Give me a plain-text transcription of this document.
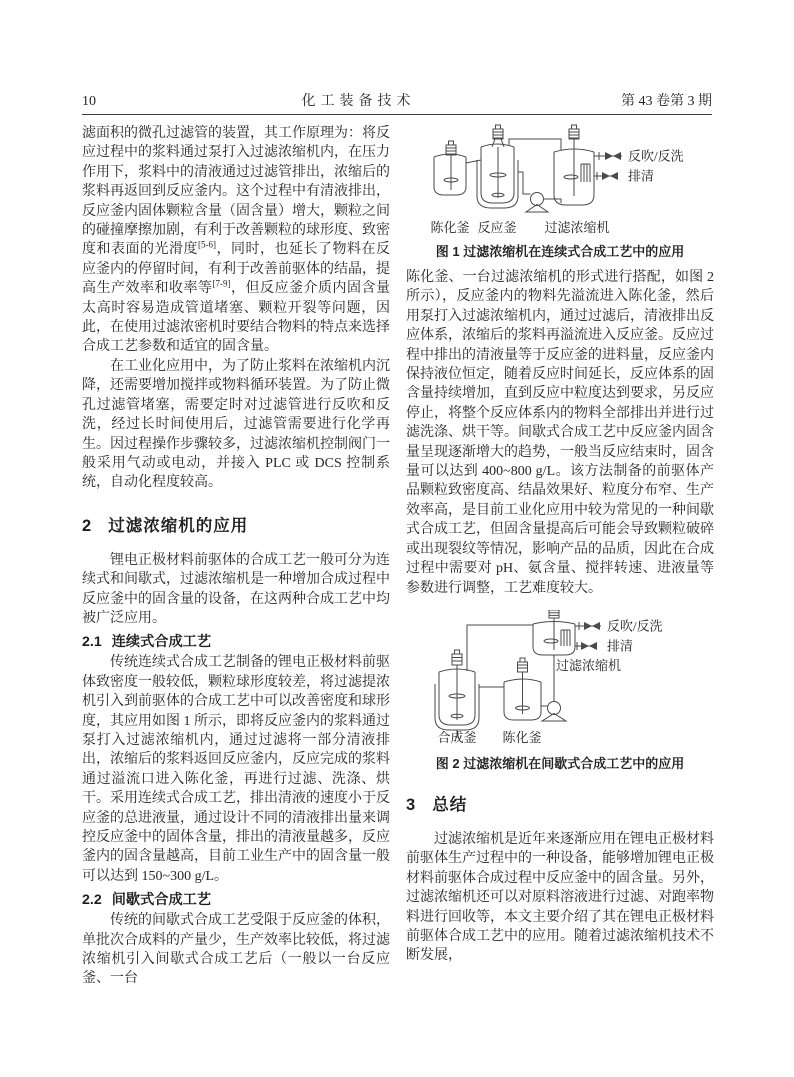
10	化工装备技术	第 43 卷第 3 期

滤面积的微孔过滤管的装置，其工作原理为：将反应过程中的浆料通过泵打入过滤浓缩机内，在压力作用下，浆料中的清液通过过滤管排出，浓缩后的浆料再返回到反应釜内。这个过程中有清液排出，反应釜内固体颗粒含量（固含量）增大，颗粒之间的碰撞摩擦加剧，有利于改善颗粒的球形度、致密度和表面的光滑度[5-6]，同时，也延长了物料在反应釜内的停留时间，有利于改善前驱体的结晶，提高生产效率和收率等[7-9]，但反应釜介质内固含量太高时容易造成管道堵塞、颗粒开裂等问题，因此，在使用过滤浓密机时要结合物料的特点来选择合成工艺参数和适宜的固含量。

在工业化应用中，为了防止浆料在浓缩机内沉降，还需要增加搅拌或物料循环装置。为了防止微孔过滤管堵塞，需要定时对过滤管进行反吹和反洗，经过长时间使用后，过滤管需要进行化学再生。因过程操作步骤较多，过滤浓缩机控制阀门一般采用气动或电动，并接入 PLC 或 DCS 控制系统，自动化程度较高。

2 过滤浓缩机的应用

锂电正极材料前驱体的合成工艺一般可分为连续式和间歇式，过滤浓缩机是一种增加合成过程中反应釜中的固含量的设备，在这两种合成工艺中均被广泛应用。

2.1 连续式合成工艺

传统连续式合成工艺制备的锂电正极材料前驱体致密度一般较低，颗粒球形度较差，将过滤提浓机引入到前驱体的合成工艺中可以改善密度和球形度，其应用如图 1 所示，即将反应釜内的浆料通过泵打入过滤浓缩机内，通过过滤将一部分清液排出，浓缩后的浆料返回反应釜内，反应完成的浆料通过溢流口进入陈化釜，再进行过滤、洗涤、烘干。采用连续式合成工艺，排出清液的速度小于反应釜的总进液量，通过设计不同的清液排出量来调控反应釜中的固体含量，排出的清液量越多，反应釜内的固含量越高，目前工业生产中的固含量一般可以达到 150~300 g/L。

2.2 间歇式合成工艺

传统的间歇式合成工艺受限于反应釜的体积，单批次合成料的产量少，生产效率比较低，将过滤浓缩机引入间歇式合成工艺后（一般以一台反应釜、一台

反吹/反洗
排清
陈化釜 反应釜 过滤浓缩机
图 1 过滤浓缩机在连续式合成工艺中的应用

陈化釜、一台过滤浓缩机的形式进行搭配，如图 2 所示），反应釜内的物料先溢流进入陈化釜，然后用泵打入过滤浓缩机内，通过过滤后，清液排出反应体系，浓缩后的浆料再溢流进入反应釜。反应过程中排出的清液量等于反应釜的进料量，反应釜内保持液位恒定，随着反应时间延长，反应体系的固含量持续增加，直到反应中粒度达到要求，另反应停止，将整个反应体系内的物料全部排出并进行过滤洗涤、烘干等。间歇式合成工艺中反应釜内固含量呈现逐渐增大的趋势，一般当反应结束时，固含量可以达到 400~800 g/L。该方法制备的前驱体产品颗粒致密度高、结晶效果好、粒度分布窄、生产效率高，是目前工业化应用中较为常见的一种间歇式合成工艺，但固含量提高后可能会导致颗粒破碎或出现裂纹等情况，影响产品的品质，因此在合成过程中需要对 pH、氨含量、搅拌转速、进液量等参数进行调整，工艺难度较大。

反吹/反洗
排清
过滤浓缩机
合成釜 陈化釜
图 2 过滤浓缩机在间歇式合成工艺中的应用
3 总结

过滤浓缩机是近年来逐渐应用在锂电正极材料前驱体生产过程中的一种设备，能够增加锂电正极材料前驱体合成过程中反应釜中的固含量。另外，过滤浓缩机还可以对原料溶液进行过滤、对跑率物料进行回收等，本文主要介绍了其在锂电正极材料前驱体合成工艺中的应用。随着过滤浓缩机技术不断发展，
